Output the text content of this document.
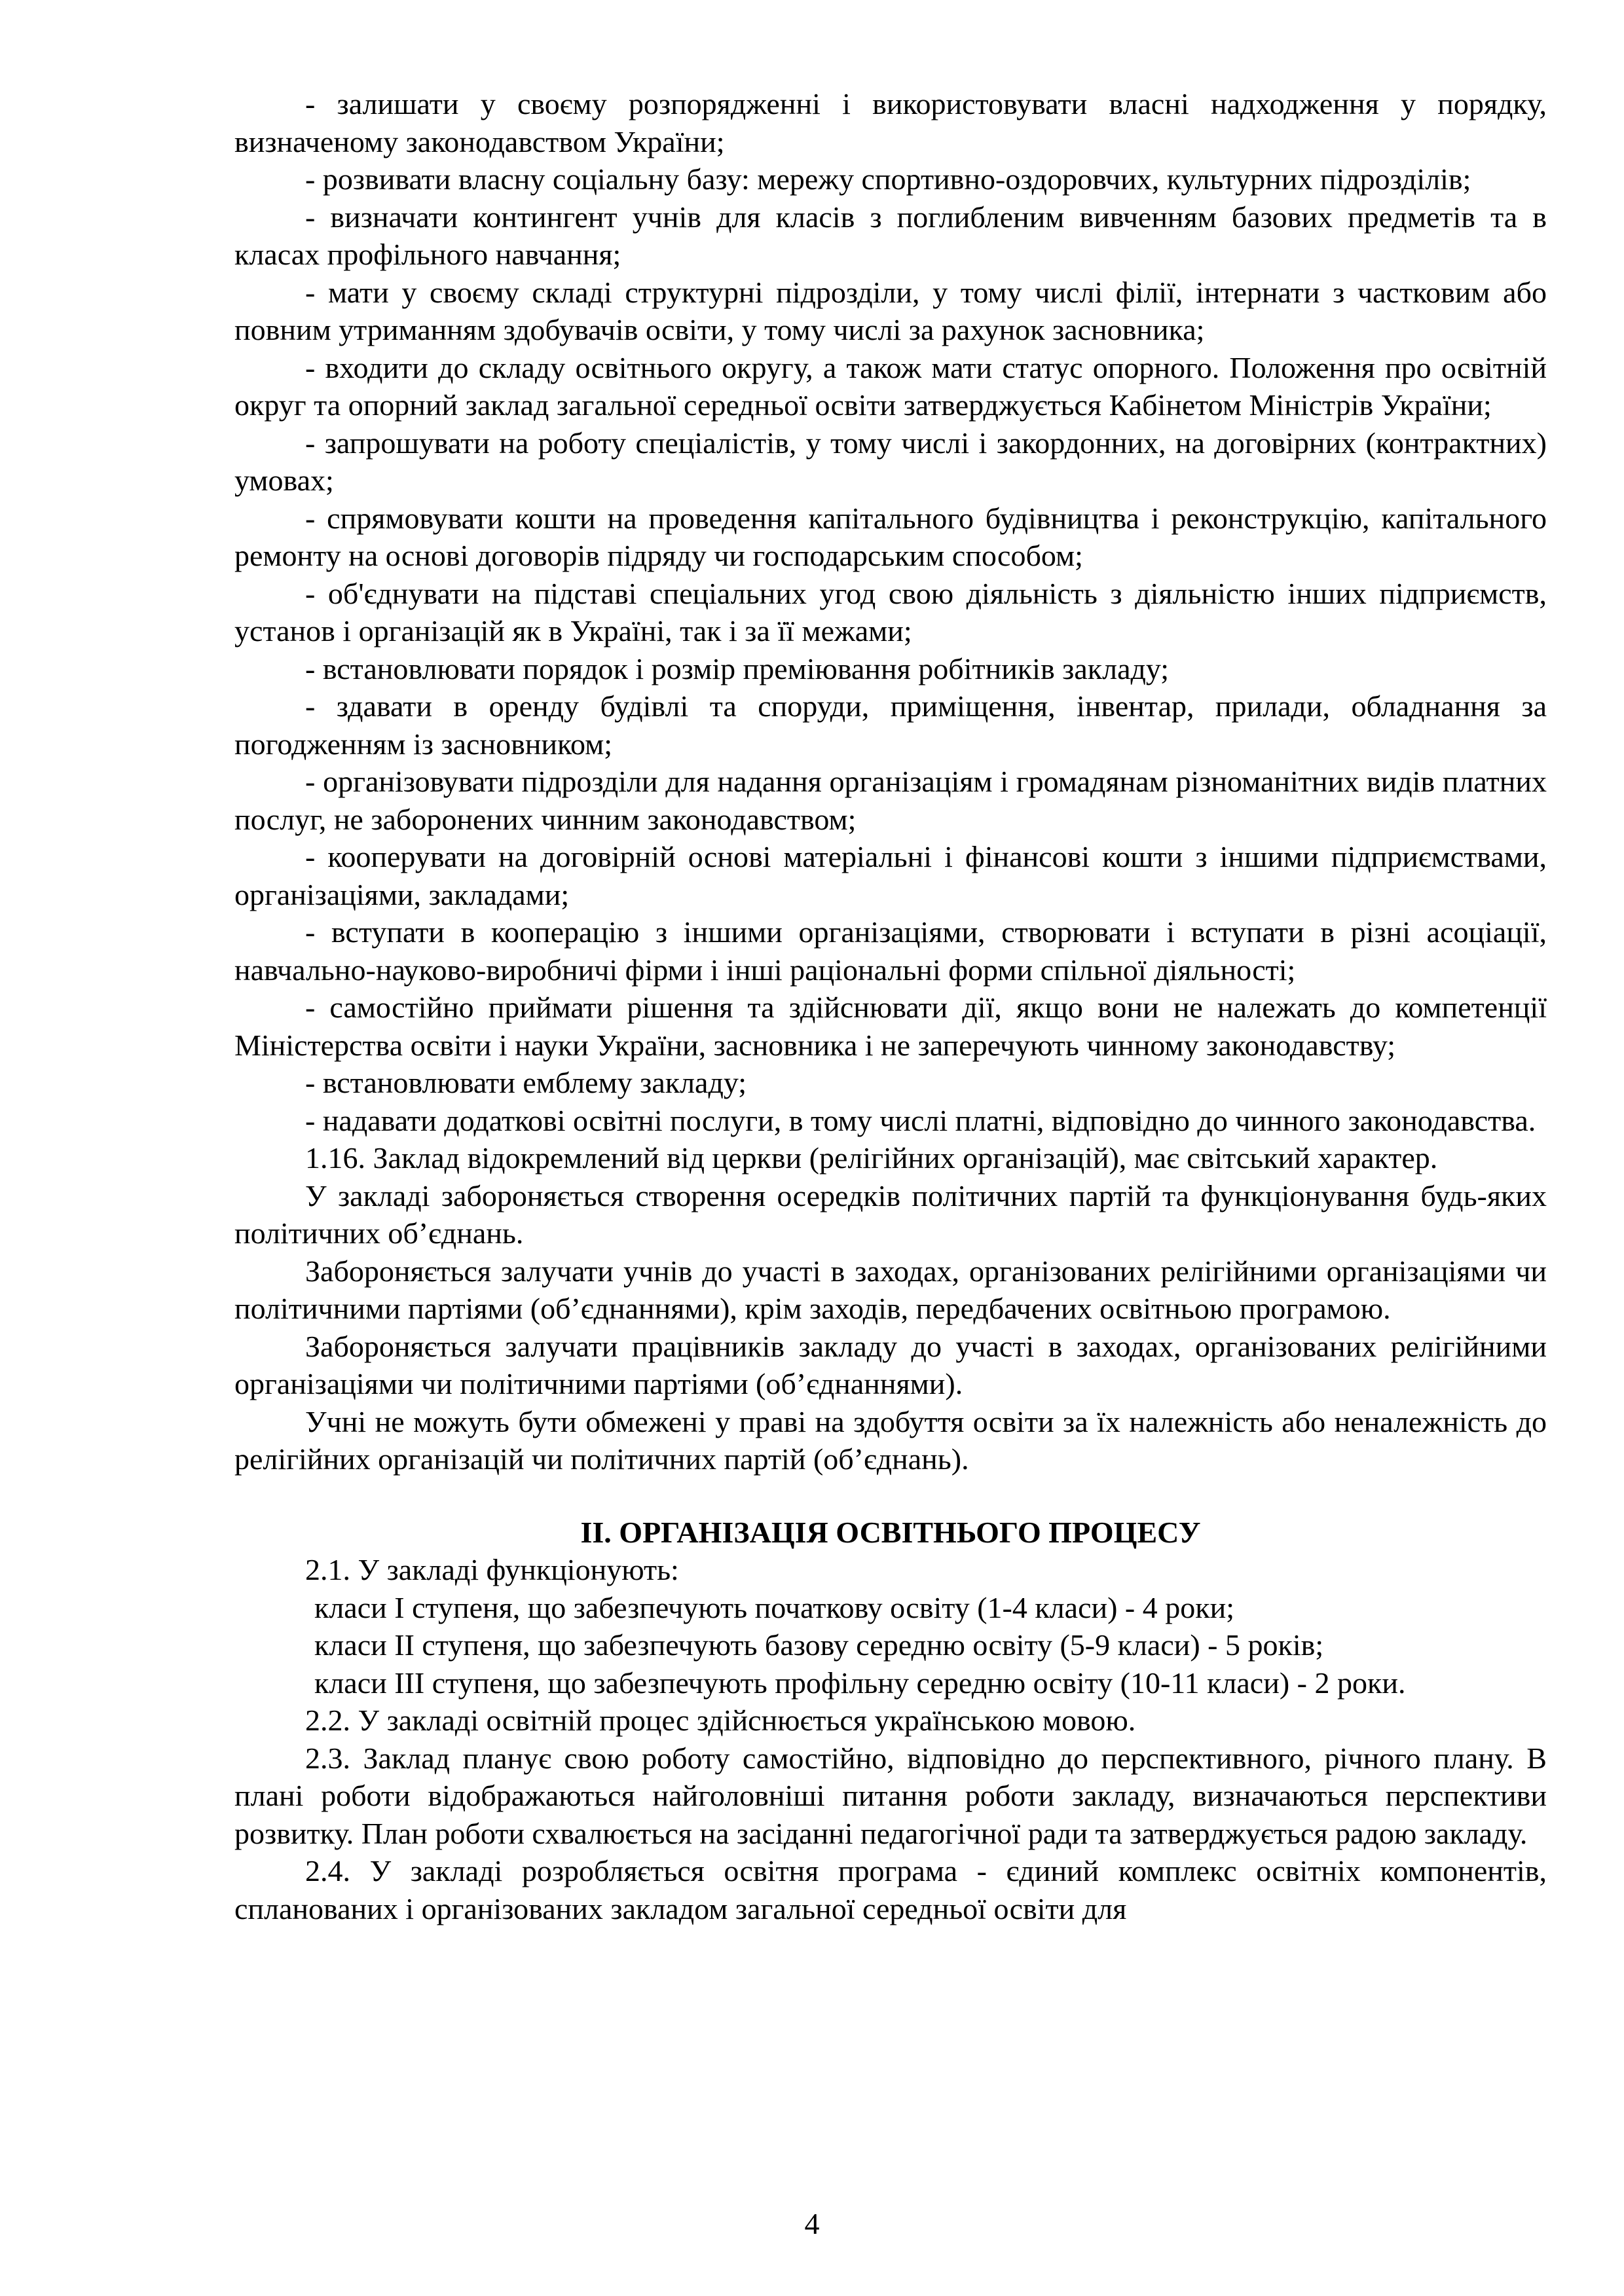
- залишати у своєму розпорядженні і використовувати власні надходження у порядку, визначеному законодавством України;

- розвивати власну соціальну базу: мережу спортивно-оздоровчих, культурних підрозділів;

- визначати контингент учнів для класів з поглибленим вивченням базових предметів та в класах профільного навчання;

- мати у своєму складі структурні підрозділи, у тому числі філії, інтернати з частковим або повним утриманням здобувачів освіти, у тому числі за рахунок засновника;

- входити до складу освітнього округу, а також мати статус опорного. Положення про освітній округ та опорний заклад загальної середньої освіти затверджується Кабінетом Міністрів України;

- запрошувати на роботу спеціалістів, у тому числі і закордонних, на договірних (контрактних) умовах;

- спрямовувати кошти на проведення капітального будівництва і реконструкцію, капітального ремонту на основі договорів підряду чи господарським способом;

- об'єднувати на підставі спеціальних угод свою діяльність з діяльністю інших підприємств, установ і організацій як в Україні, так і за її межами;

- встановлювати порядок і розмір преміювання робітників закладу;

- здавати в оренду будівлі та споруди, приміщення, інвентар, прилади, обладнання за погодженням із засновником;

- організовувати підрозділи для надання організаціям і громадянам різноманітних видів платних послуг, не заборонених чинним законодавством;

- кооперувати на договірній основі матеріальні і фінансові кошти з іншими підприємствами, організаціями, закладами;

- вступати в кооперацію з іншими організаціями, створювати і вступати в різні асоціації, навчально-науково-виробничі фірми і інші раціональні форми спільної діяльності;

- самостійно приймати рішення та здійснювати дії, якщо вони не належать до компетенції Міністерства освіти і науки України, засновника і не заперечують чинному законодавству;

- встановлювати емблему закладу;

- надавати додаткові освітні послуги, в тому числі платні, відповідно до чинного законодавства.

1.16. Заклад відокремлений від церкви (релігійних організацій), має світський характер.

У закладі забороняється створення осередків політичних партій та функціонування будь-яких політичних об’єднань.

Забороняється залучати учнів до участі в заходах, організованих релігійними організаціями чи політичними партіями (об’єднаннями), крім заходів, передбачених освітньою програмою.

Забороняється залучати працівників закладу до участі в заходах, організованих релігійними організаціями чи політичними партіями (об’єднаннями).

Учні не можуть бути обмежені у праві на здобуття освіти за їх належність або неналежність до релігійних організацій чи політичних партій (об’єднань).

ІІ. ОРГАНІЗАЦІЯ ОСВІТНЬОГО ПРОЦЕСУ

2.1. У закладі функціонують:

класи І ступеня, що забезпечують початкову освіту (1-4 класи) - 4 роки;

класи ІІ ступеня, що забезпечують базову середню освіту (5-9 класи) - 5 років;

класи ІІІ ступеня, що забезпечують профільну середню освіту (10-11 класи) - 2 роки.

2.2. У закладі освітній процес здійснюється українською мовою.

2.3. Заклад планує свою роботу самостійно, відповідно до перспективного, річного плану. В плані роботи відображаються найголовніші питання роботи закладу, визначаються перспективи розвитку. План роботи схвалюється на засіданні педагогічної ради та затверджується радою закладу.

2.4. У закладі розробляється освітня програма - єдиний комплекс освітніх компонентів, спланованих і організованих закладом загальної середньої освіти для

4
